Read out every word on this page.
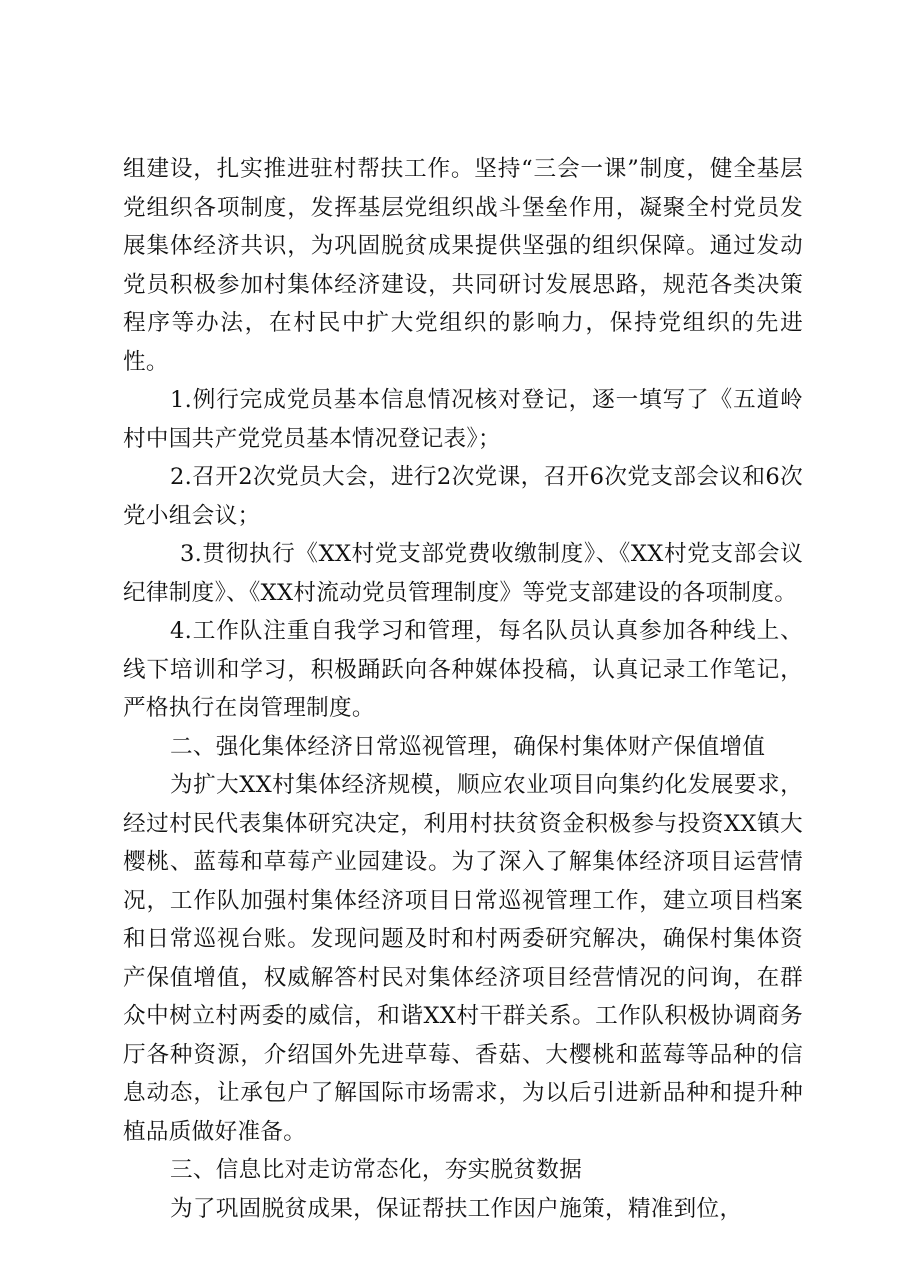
组建设，扎实推进驻村帮扶工作。坚持“三会一课”制度，健全基层党组织各项制度，发挥基层党组织战斗堡垒作用，凝聚全村党员发展集体经济共识，为巩固脱贫成果提供坚强的组织保障。通过发动党员积极参加村集体经济建设，共同研讨发展思路，规范各类决策程序等办法，在村民中扩大党组织的影响力，保持党组织的先进性。

1.例行完成党员基本信息情况核对登记，逐一填写了《五道岭村中国共产党党员基本情况登记表》；

2.召开2次党员大会，进行2次党课，召开6次党支部会议和6次党小组会议；

3.贯彻执行《XX村党支部党费收缴制度》、《XX村党支部会议纪律制度》、《XX村流动党员管理制度》等党支部建设的各项制度。

4.工作队注重自我学习和管理，每名队员认真参加各种线上、线下培训和学习，积极踊跃向各种媒体投稿，认真记录工作笔记，严格执行在岗管理制度。

二、强化集体经济日常巡视管理，确保村集体财产保值增值

为扩大XX村集体经济规模，顺应农业项目向集约化发展要求，经过村民代表集体研究决定，利用村扶贫资金积极参与投资XX镇大樱桃、蓝莓和草莓产业园建设。为了深入了解集体经济项目运营情况，工作队加强村集体经济项目日常巡视管理工作，建立项目档案和日常巡视台账。发现问题及时和村两委研究解决，确保村集体资产保值增值，权威解答村民对集体经济项目经营情况的问询，在群众中树立村两委的威信，和谐XX村干群关系。工作队积极协调商务厅各种资源，介绍国外先进草莓、香菇、大樱桃和蓝莓等品种的信息动态，让承包户了解国际市场需求，为以后引进新品种和提升种植品质做好准备。

三、信息比对走访常态化，夯实脱贫数据

为了巩固脱贫成果，保证帮扶工作因户施策，精准到位，
